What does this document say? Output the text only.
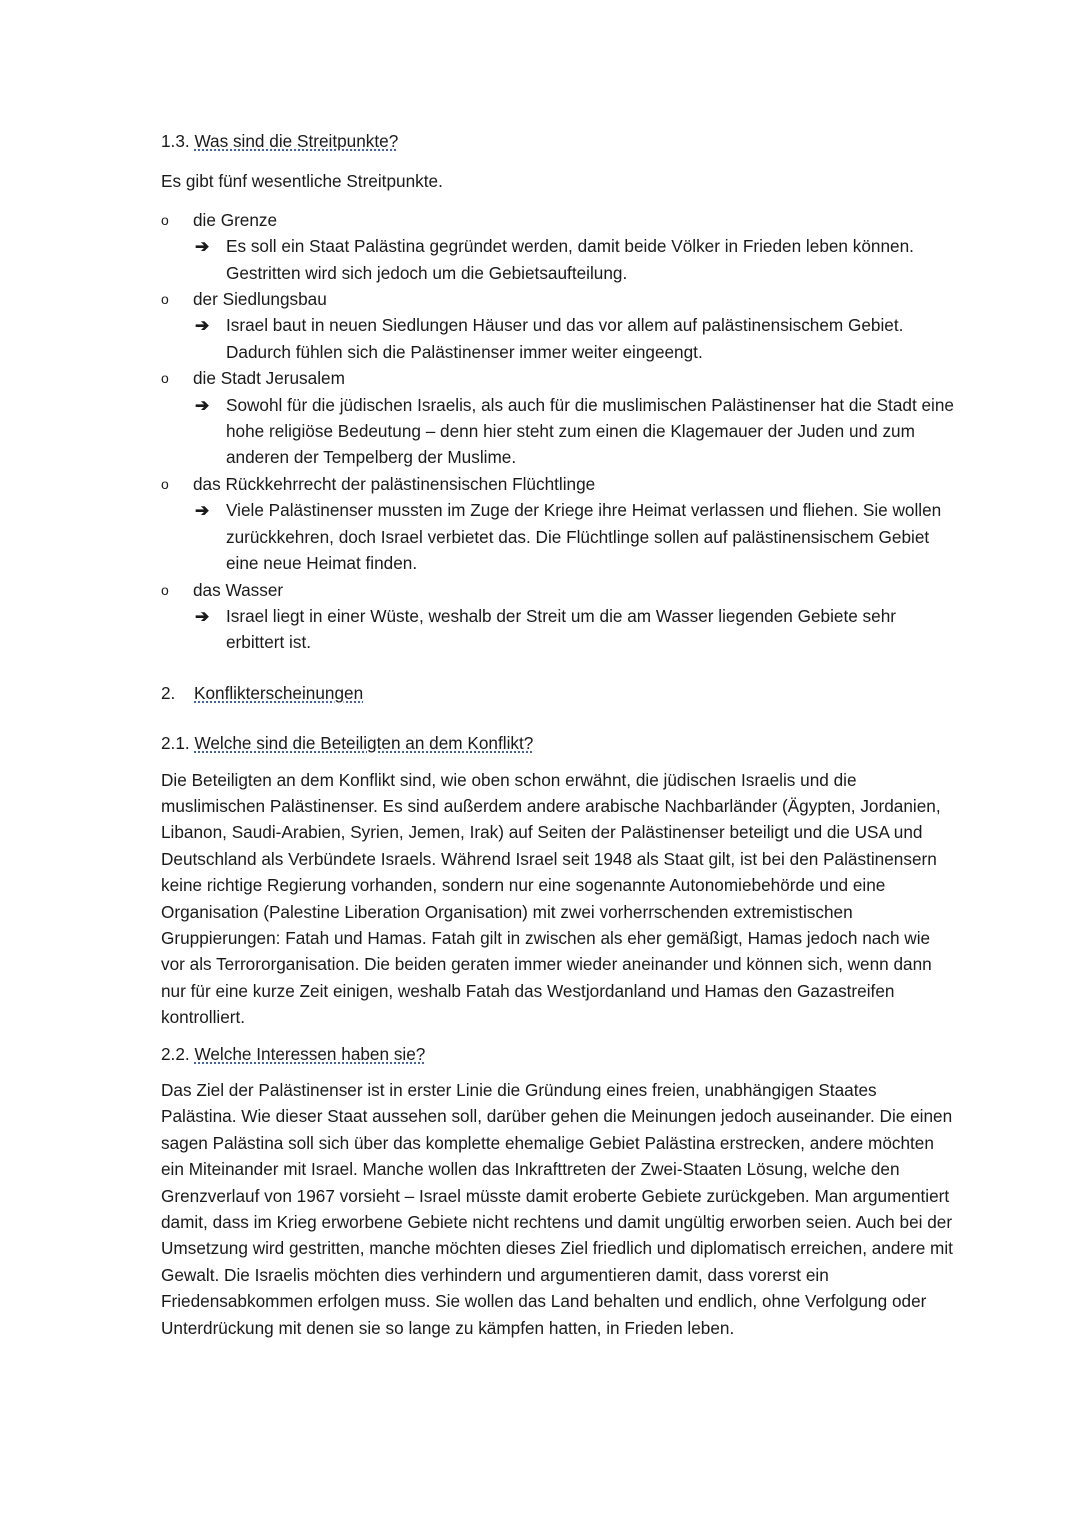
1.3. Was sind die Streitpunkte?

Es gibt fünf wesentliche Streitpunkte.

o die Grenze
➔ Es soll ein Staat Palästina gegründet werden, damit beide Völker in Frieden leben können. Gestritten wird sich jedoch um die Gebietsaufteilung.
o der Siedlungsbau
➔ Israel baut in neuen Siedlungen Häuser und das vor allem auf palästinensischem Gebiet. Dadurch fühlen sich die Palästinenser immer weiter eingeengt.
o die Stadt Jerusalem
➔ Sowohl für die jüdischen Israelis, als auch für die muslimischen Palästinenser hat die Stadt eine hohe religiöse Bedeutung – denn hier steht zum einen die Klagemauer der Juden und zum anderen der Tempelberg der Muslime.
o das Rückkehrrecht der palästinensischen Flüchtlinge
➔ Viele Palästinenser mussten im Zuge der Kriege ihre Heimat verlassen und fliehen. Sie wollen zurückkehren, doch Israel verbietet das. Die Flüchtlinge sollen auf palästinensischem Gebiet eine neue Heimat finden.
o das Wasser
➔ Israel liegt in einer Wüste, weshalb der Streit um die am Wasser liegenden Gebiete sehr erbittert ist.

2. Konflikterscheinungen

2.1. Welche sind die Beteiligten an dem Konflikt?

Die Beteiligten an dem Konflikt sind, wie oben schon erwähnt, die jüdischen Israelis und die muslimischen Palästinenser. Es sind außerdem andere arabische Nachbarländer (Ägypten, Jordanien, Libanon, Saudi-Arabien, Syrien, Jemen, Irak) auf Seiten der Palästinenser beteiligt und die USA und Deutschland als Verbündete Israels. Während Israel seit 1948 als Staat gilt, ist bei den Palästinensern keine richtige Regierung vorhanden, sondern nur eine sogenannte Autonomiebehörde und eine Organisation (Palestine Liberation Organisation) mit zwei vorherrschenden extremistischen Gruppierungen: Fatah und Hamas. Fatah gilt in zwischen als eher gemäßigt, Hamas jedoch nach wie vor als Terrororganisation. Die beiden geraten immer wieder aneinander und können sich, wenn dann nur für eine kurze Zeit einigen, weshalb Fatah das Westjordanland und Hamas den Gazastreifen kontrolliert.

2.2. Welche Interessen haben sie?

Das Ziel der Palästinenser ist in erster Linie die Gründung eines freien, unabhängigen Staates Palästina. Wie dieser Staat aussehen soll, darüber gehen die Meinungen jedoch auseinander. Die einen sagen Palästina soll sich über das komplette ehemalige Gebiet Palästina erstrecken, andere möchten ein Miteinander mit Israel. Manche wollen das Inkrafttreten der Zwei-Staaten Lösung, welche den Grenzverlauf von 1967 vorsieht – Israel müsste damit eroberte Gebiete zurückgeben. Man argumentiert damit, dass im Krieg erworbene Gebiete nicht rechtens und damit ungültig erworben seien. Auch bei der Umsetzung wird gestritten, manche möchten dieses Ziel friedlich und diplomatisch erreichen, andere mit Gewalt. Die Israelis möchten dies verhindern und argumentieren damit, dass vorerst ein Friedensabkommen erfolgen muss. Sie wollen das Land behalten und endlich, ohne Verfolgung oder Unterdrückung mit denen sie so lange zu kämpfen hatten, in Frieden leben.
